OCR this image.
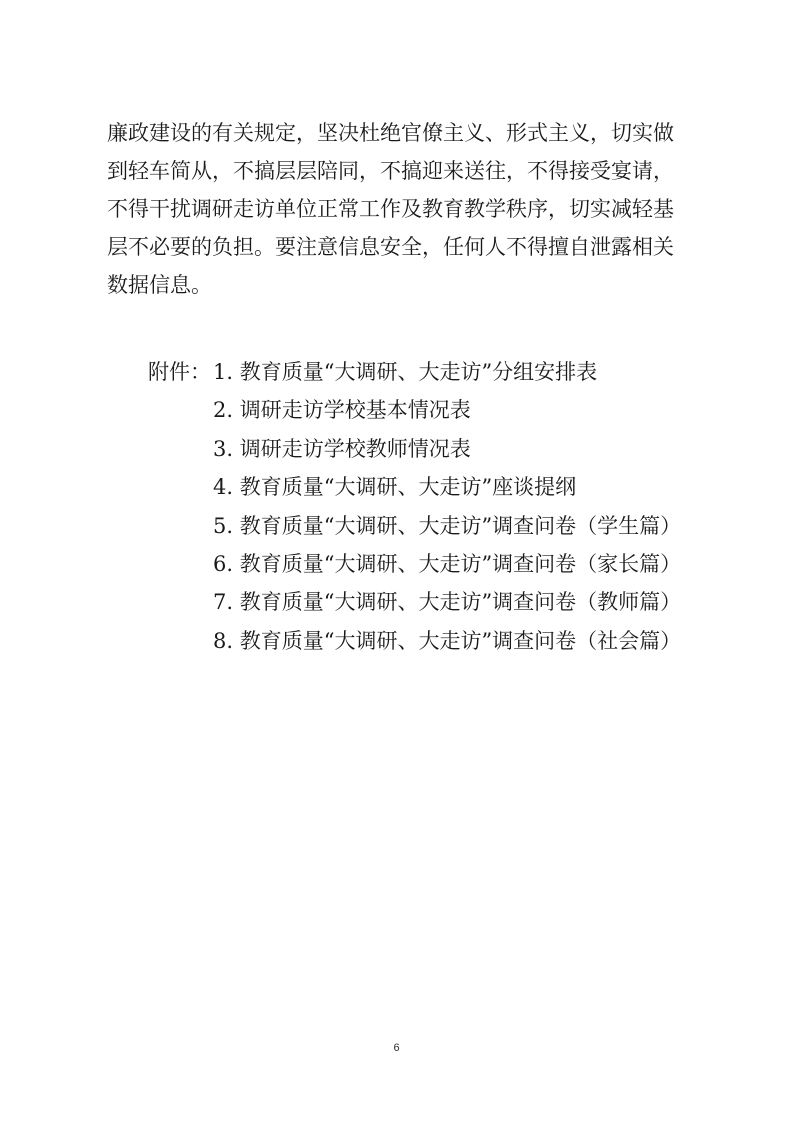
廉政建设的有关规定，坚决杜绝官僚主义、形式主义，切实做
到轻车简从，不搞层层陪同，不搞迎来送往，不得接受宴请，
不得干扰调研走访单位正常工作及教育教学秩序，切实减轻基
层不必要的负担。要注意信息安全，任何人不得擅自泄露相关
数据信息。
附件： 1. 教育质量“大调研、大走访”分组安排表
2. 调研走访学校基本情况表
3. 调研走访学校教师情况表
4. 教育质量“大调研、大走访”座谈提纲
5. 教育质量“大调研、大走访”调查问卷（学生篇）
6. 教育质量“大调研、大走访”调查问卷（家长篇）
7. 教育质量“大调研、大走访”调查问卷（教师篇）
8. 教育质量“大调研、大走访”调查问卷（社会篇）
6
